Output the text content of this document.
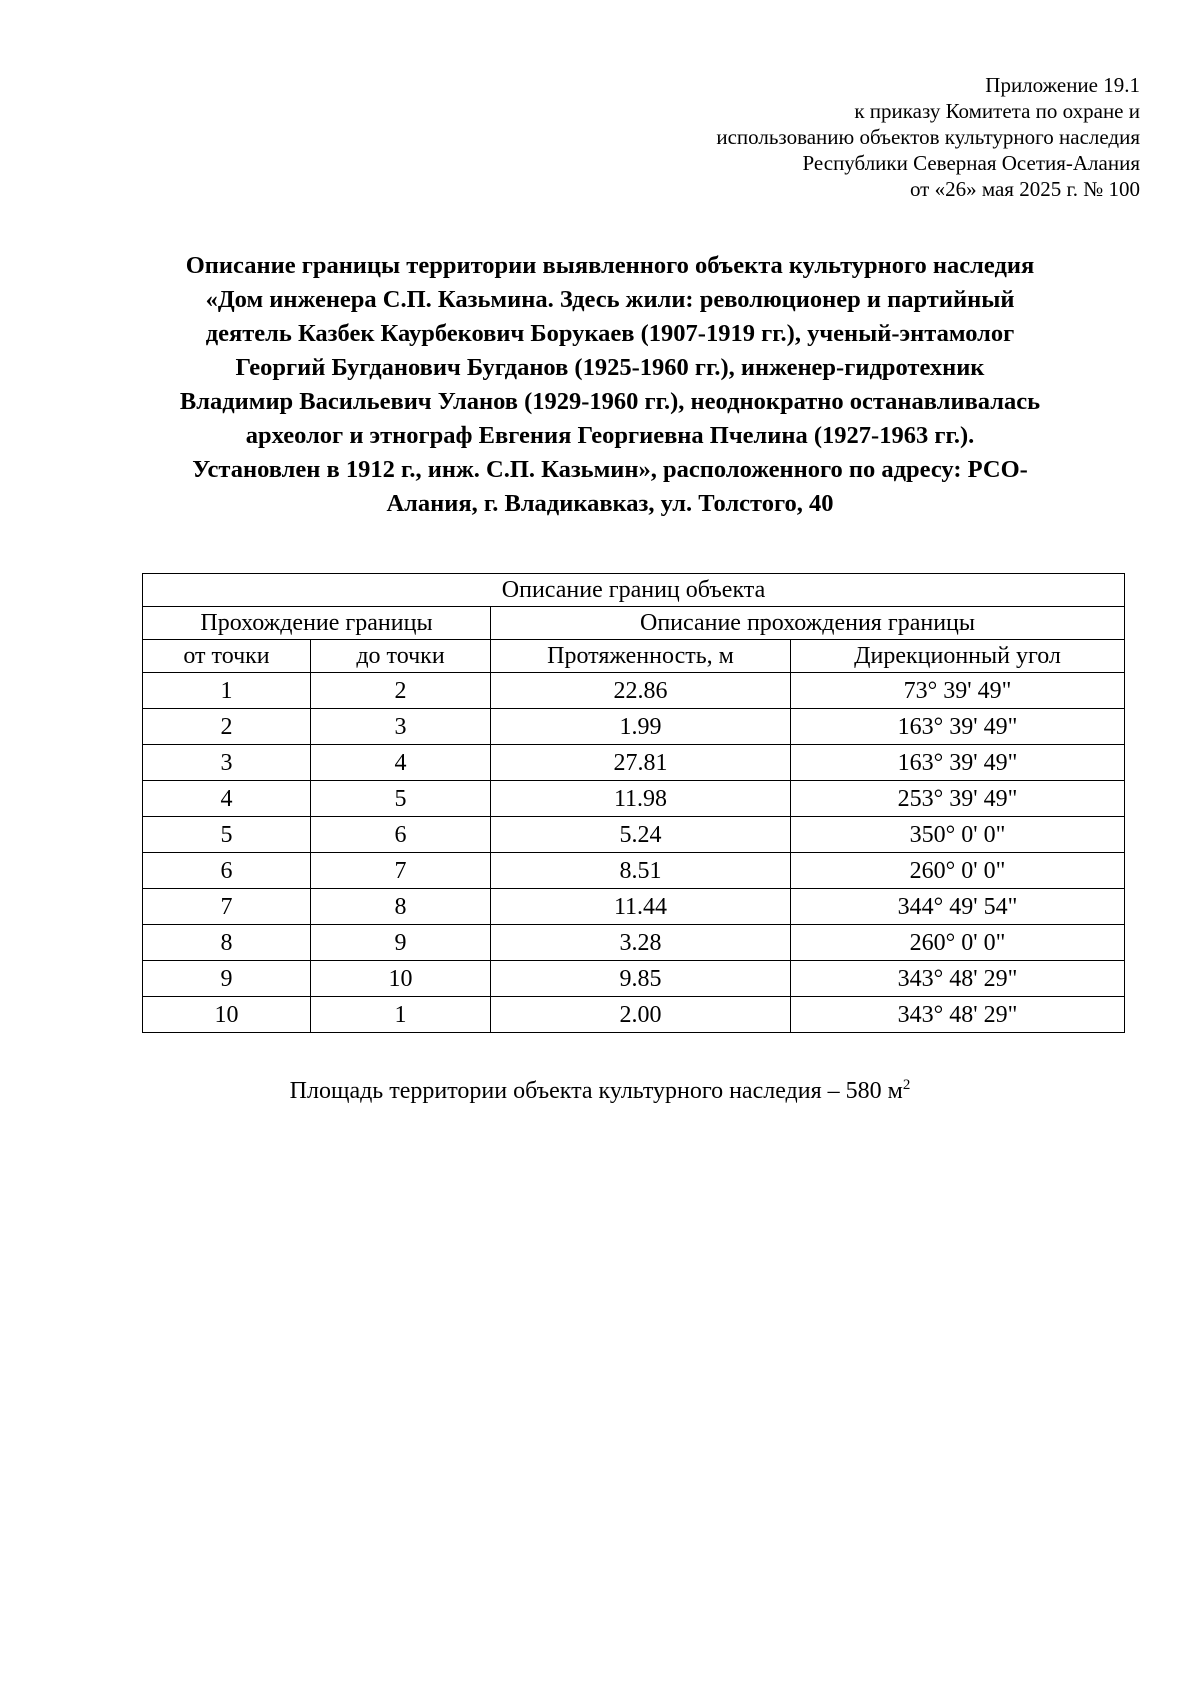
Приложение 19.1
к приказу Комитета по охране и
использованию объектов культурного наследия
Республики Северная Осетия-Алания
от «26» мая 2025 г. № 100
Описание границы территории выявленного объекта культурного наследия
«Дом инженера С.П. Казьмина. Здесь жили: революционер и партийный
деятель Казбек Каурбекович Борукаев (1907-1919 гг.), ученый-энтамолог
Георгий Бугданович Бугданов (1925-1960 гг.), инженер-гидротехник
Владимир Васильевич Уланов (1929-1960 гг.), неоднократно останавливалась
археолог и этнограф Евгения Георгиевна Пчелина (1927-1963 гг.).
Установлен в 1912 г., инж. С.П. Казьмин», расположенного по адресу: РСО-
Алания, г. Владикавказ, ул. Толстого, 40
Описание границ объекта			
Прохождение границы		Описание прохождения границы	
от точки	до точки	Протяженность, м	Дирекционный угол
1	2	22.86	73° 39' 49"
2	3	1.99	163° 39' 49"
3	4	27.81	163° 39' 49"
4	5	11.98	253° 39' 49"
5	6	5.24	350° 0' 0"
6	7	8.51	260° 0' 0"
7	8	11.44	344° 49' 54"
8	9	3.28	260° 0' 0"
9	10	9.85	343° 48' 29"
10	1	2.00	343° 48' 29"
Площадь территории объекта культурного наследия – 580 $м^2$
